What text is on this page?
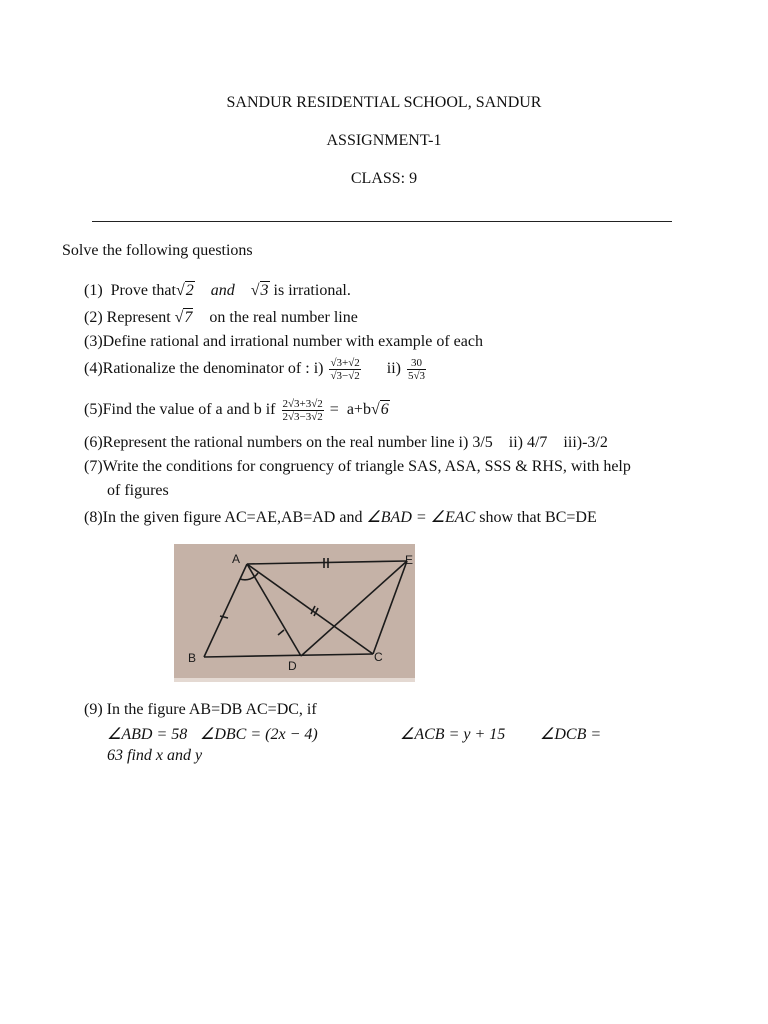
SANDUR RESIDENTIAL SCHOOL, SANDUR
ASSIGNMENT-1
CLASS: 9
Solve the following questions
(1) Prove that√2 and √3 is irrational.
(2) Represent √7 on the real number line
(3)Define rational and irrational number with example of each
(4)Rationalize the denominator of : $i) \frac{√3+√2}{√3-√2} ii) \frac{30}{5√3}$
(5)Find the value of a and b if $\frac{2√3+3√2}{2√3-3√2} = a+b√6$
(6)Represent the rational numbers on the real number line i) 3/5    ii) 4/7    iii)-3/2
(7)Write the conditions for congruency of triangle SAS, ASA, SSS & RHS, with help
of figures
(8)In the given figure AC=AE,AB=AD and ∠BAD = ∠EAC show that BC=DE
A	E
B
D
C
(9) In the figure AB=DB AC=DC, if
∠ABD = 58 ∠DBC = (2x − 4)	∠ACB = y + 15 ∠DCB =
63 find x and y
